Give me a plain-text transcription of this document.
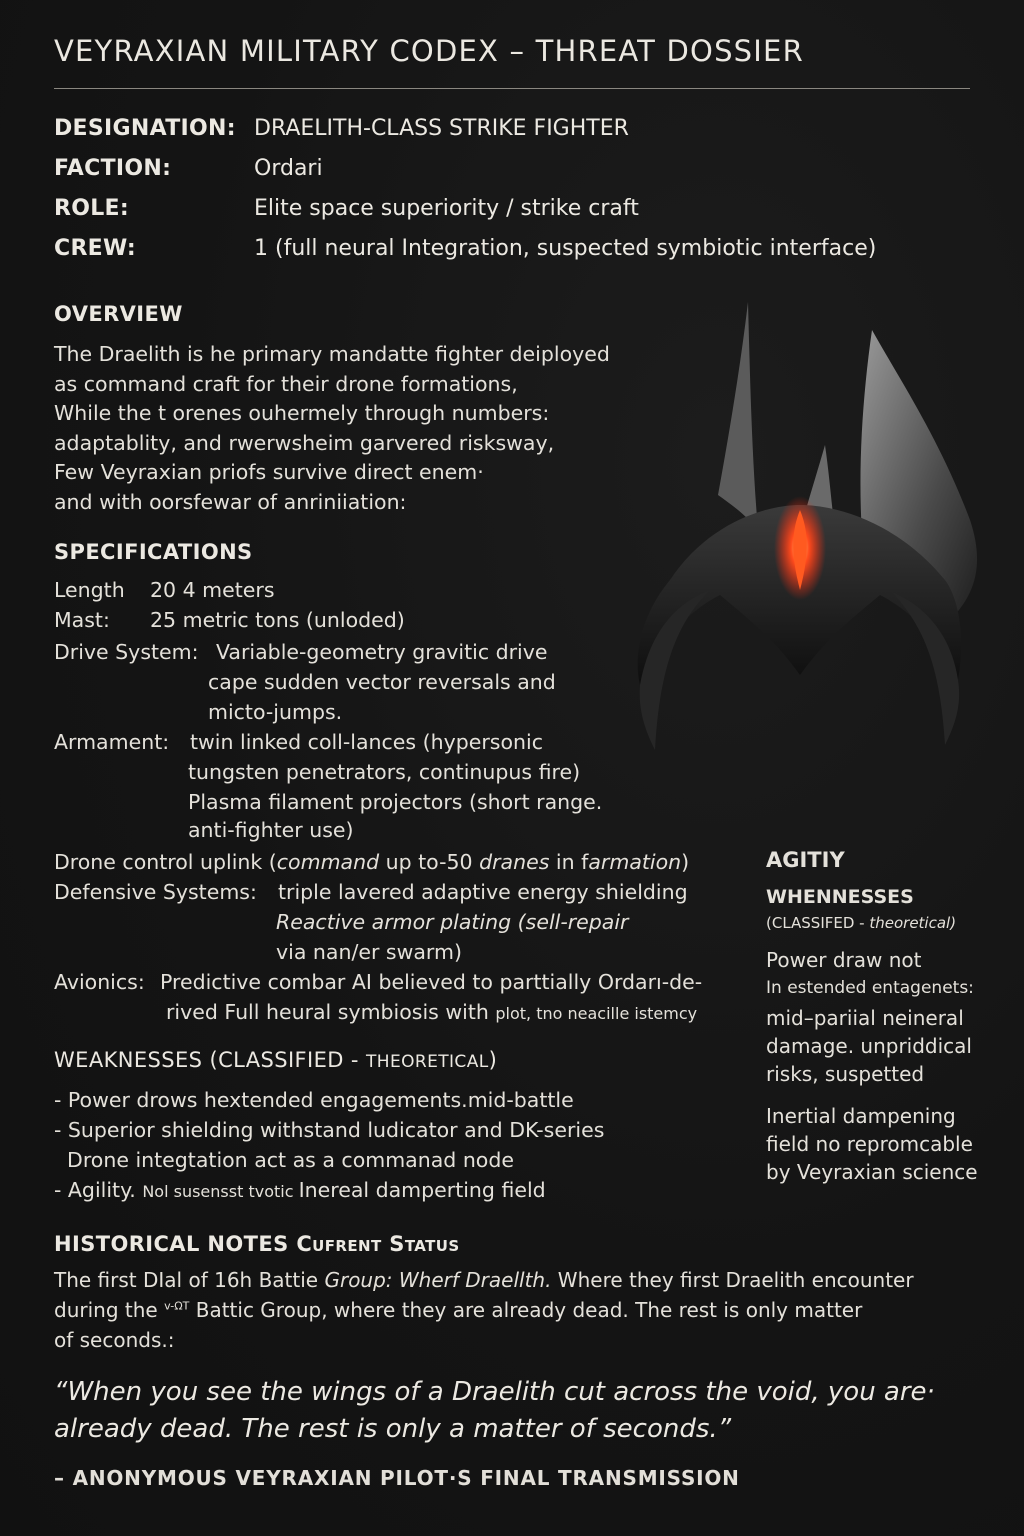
VEYRAXIAN MILITARY CODEX – THREAT DOSSIER
DESIGNATION: DRAELITH-CLASS STRIKE FIGHTER
FACTION:	Ordari
ROLE:	Elite space superiority / strike craft
CREW:	1 (full neural Integration, suspected symbiotic interface)
OVERVIEW
The Draelith is he primary mandatte fighter deiployed
as command craft for their drone formations,
While the t orenes ouhermely through numbers:
adaptablity, and rwerwsheim garvered risksway,
Few Veyraxian priofs survive direct enem·
and with oorsfewar of anriniiation:
SPECIFICATIONS
Length 20 4 meters
Mast: 25 metric tons (unloded)
Drive System: Variable-geometry gravitic drive
cape sudden vector reversals and
micto-jumps.
Armament: twin linked coll-lances (hypersonic
tungsten penetrators, continupus fire)
Plasma filament projectors (short range.
anti-fighter use)
Drone control uplink (command up to-50 dranes in farmation)
Defensive Systems: triple lavered adaptive energy shielding
Reactive armor plating (sell-repair
via nan/er swarm)
Avionics: Predictive combar AI believed to parttially Ordarı-de-
rived Full heural symbiosis with plot, tno neacille istemcy
WEAKNESSES (CLASSIFIED - THEORETICAL)
- Power drows hextended engagements.mid-battle
- Superior shielding withstand ludicator and DK-series
Drone integtation act as a commanad node
- Agility. Nol susensst tvotic Inereal damperting field
AGITIY
WHENNESSES
(CLASSIFED - theoretical)
Power draw not
In estended entagenets:
mid–pariial neineral
damage. unpriddical
risks, suspetted
Inertial dampening
field no repromcable
by Veyraxian science
HISTORICAL NOTES Cufrent Status
The first DIal of 16h Battie Group: Wherf Draellth. Where they first Draelith encounter
during the $^{v-\Omega T}$ Battic Group, where they are already dead. The rest is only matter
of seconds.:

“When you see the wings of a Draelith cut across the void, you are·
already dead. The rest is only a matter of seconds.”

– ANONYMOUS VEYRAXIAN PILOT·S FINAL TRANSMISSION
